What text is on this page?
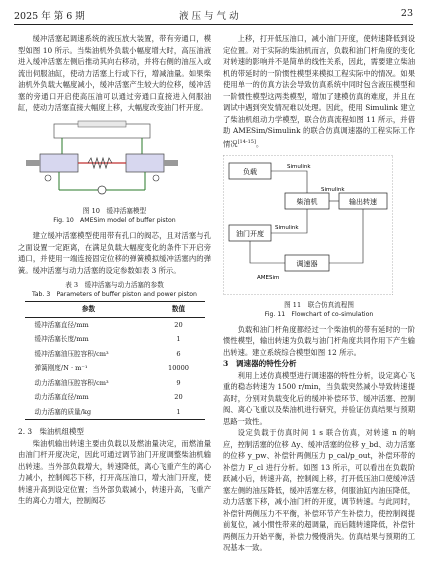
2025 年 第 6 期	液 压 与 气 动	23

缓冲活塞起调速系统的液压放大装置，带有旁通口，模型如图 10 所示。当柴油机外负载小幅度增大时，高压油液进入缓冲活塞左侧后推动其向右移动，并将右侧的油压入或流出伺服油缸，使动力活塞上行或下行，增减油量。如果柴油机外负载大幅度减小，缓冲活塞产生较大的位移，缓冲活塞的旁通口开启使高压油可以通过旁通口直接进入伺服油缸，使动力活塞直接大幅度上移，大幅度改变油门杆开度。

图 10　缓冲活塞模型

Fig. 10　AMESim model of buffer piston

建立缓冲活塞模型使用带有孔口的阀芯，且对活塞与孔之面设置一定距离，在满足负载大幅度变化的条件下开启旁通口，并使用一端连接固定位移的弹簧模拟缓冲活塞内的弹簧。缓冲活塞与动力活塞的设定参数如表 3 所示。

表 3　缓冲活塞与动力活塞的参数

Tab. 3　Parameters of buffer piston and power piston

参数	数值
缓冲活塞直径/mm	20
缓冲活塞长度/mm	1
缓冲活塞油压腔容积/cm³	6
弹簧刚度/N · m⁻¹	10000
动力活塞油压腔容积/cm³	9
动力活塞直径/mm	20
动力活塞的质量/kg	1

2. 3　柴油机组模型

柴油机输出转速主要由负载以及燃油量决定，而燃油量由油门杆开度决定，因此可通过调节油门开度调整柴油机输出转速。当外部负载增大，转速降低，离心飞重产生的离心力减小，控制阀芯下移，打开高压油口，增大油门开度，使转速升高到设定位置；当外部负载减小，转速升高，飞重产生的离心力增大，控制阀芯

上移，打开低压油口，减小油门开度，使转速降低到设定位置。对于实际的柴油机而言，负载和油门杆角度的变化对转速的影响并不是简单的线性关系，因此，需要建立柴油机的带延时的一阶惯性模型来模拟工程实际中的情况。如果使用单一的仿真方法会导致仿真系统中同时包含液压模型和一阶惯性模型这两类模型，增加了建模仿真的难度，并且在调试中遇到突发情况难以处理。因此，使用 Simulink 建立了柴油机组动力学模型，联合仿真流程如图 11 所示，并借助 AMESim/Simulink 的联合仿真调速器的工程实际工作情况[14-15]。

负载
柴油机	输出转速
油门开度
调速器
Simulink
Simulink
Simulink
AMESim

图 11　联合仿真流程图

Fig. 11　Flowchart of co-simulation

负载和油门杆角度都经过一个柴油机的带有延时的一阶惯性模型，输出转速为负载与油门杆角度共同作用下产生输出转速。建立系统综合模型如图 12 所示。

3　调速器的特性分析

利用上述仿真模型进行调速器的特性分析，设定离心飞重的稳态转速为 1500 r/min，当负载突然减小导致转速提高时，分别对负载变化后的缓冲补偿环节、缓冲活塞、控制阀、离心飞重以及柴油机进行研究，并验证仿真结果与预期思路一致性。

设定负载于仿真时间 1 s 联合仿真，对转速 n 的响应，控制活塞的位移 Δy、缓冲活塞的位移 y_bd、动力活塞的位移 y_pw、补偿针两侧压力 p_cal/p_out，补偿环带的补偿力 F_cl 进行分析。如图 13 所示，可以看出在负载阶跃减小后，转速升高，控制阀上移，打开低压油口使缓冲活塞左侧的油压降低，缓冲活塞左移，伺服油缸内油压降低，动力活塞下移，减小油门杆的开度，调节转速。与此同时，补偿针两侧压力不平衡，补偿环节产生补偿力，使控制阀提前复位，减小惯性带来的超调量，而后随转速降低，补偿针两侧压力开始平衡，补偿力慢慢消失。仿真结果与预期的工况基本一致。
